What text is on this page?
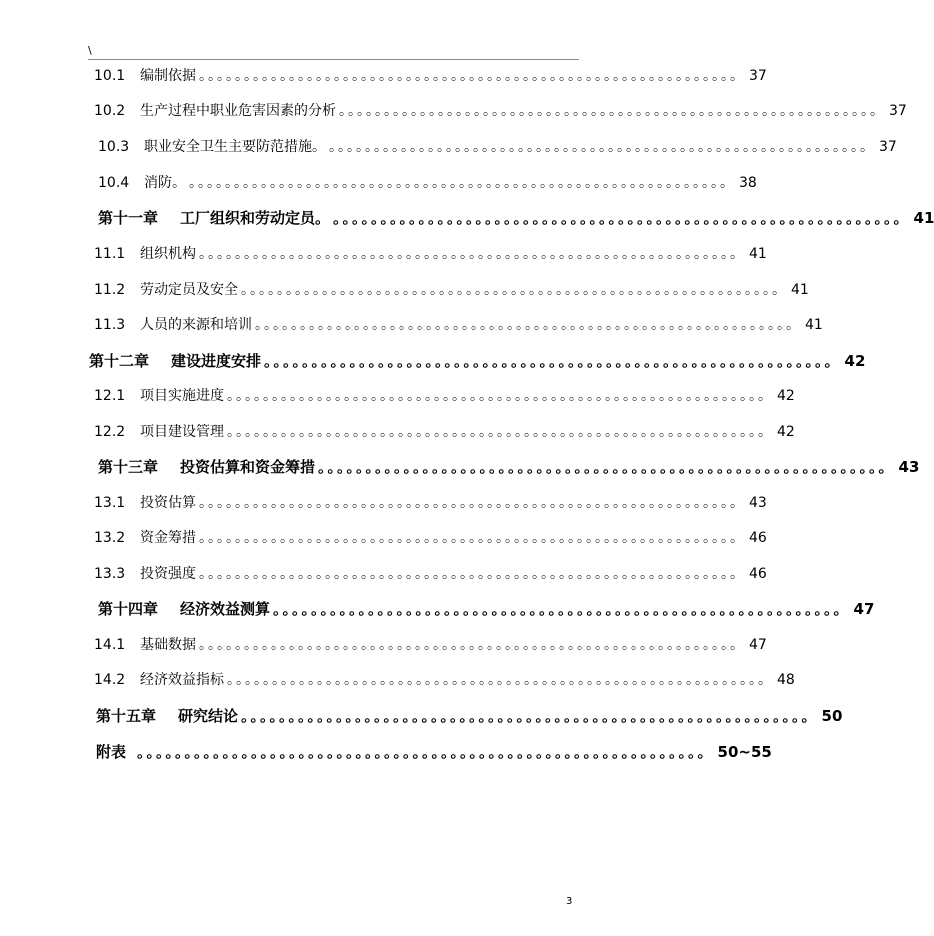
\
10.1	编制依据 。。。。。。。。。。。。。。。。。。。。。。。。。。。。。。。。。。。。。。。。。。。。。。。。。。。。。。。。。。。。 37
10.2	生产过程中职业危害因素的分析 。。。。。。。。。。。。。。。。。。。。。。。。。。。。。。。。。。。。。。。。。。。。。。。。。。。。。。。。。。。。 37
10.3	职业安全卫生主要防范措施。 。。。。。。。。。。。。。。。。。。。。。。。。。。。。。。。。。。。。。。。。。。。。。。。。。。。。。。。。。。。。 37
10.4	消防。 。。。。。。。。。。。。。。。。。。。。。。。。。。。。。。。。。。。。。。。。。。。。。。。。。。。。。。。。。。。。 38
第十一章 工厂组织和劳动定员。 。。。。。。。。。。。。。。。。。。。。。。。。。。。。。。。。。。。。。。。。。。。。。。。。。。。。。。。。。。。。 41
11.1	组织机构 。。。。。。。。。。。。。。。。。。。。。。。。。。。。。。。。。。。。。。。。。。。。。。。。。。。。。。。。。。。。 41
11.2	劳动定员及安全 。。。。。。。。。。。。。。。。。。。。。。。。。。。。。。。。。。。。。。。。。。。。。。。。。。。。。。。。。。。。 41
11.3	人员的来源和培训 。。。。。。。。。。。。。。。。。。。。。。。。。。。。。。。。。。。。。。。。。。。。。。。。。。。。。。。。。。。。 41
第十二章 建设进度安排 。。。。。。。。。。。。。。。。。。。。。。。。。。。。。。。。。。。。。。。。。。。。。。。。。。。。。。。。。。。。 42
12.1	项目实施进度 。。。。。。。。。。。。。。。。。。。。。。。。。。。。。。。。。。。。。。。。。。。。。。。。。。。。。。。。。。。。 42
12.2	项目建设管理 。。。。。。。。。。。。。。。。。。。。。。。。。。。。。。。。。。。。。。。。。。。。。。。。。。。。。。。。。。。。 42
第十三章 投资估算和资金筹措 。。。。。。。。。。。。。。。。。。。。。。。。。。。。。。。。。。。。。。。。。。。。。。。。。。。。。。。。。。。。 43
13.1	投资估算 。。。。。。。。。。。。。。。。。。。。。。。。。。。。。。。。。。。。。。。。。。。。。。。。。。。。。。。。。。。。 43
13.2	资金筹措 。。。。。。。。。。。。。。。。。。。。。。。。。。。。。。。。。。。。。。。。。。。。。。。。。。。。。。。。。。。。 46
13.3	投资强度 。。。。。。。。。。。。。。。。。。。。。。。。。。。。。。。。。。。。。。。。。。。。。。。。。。。。。。。。。。。。 46
第十四章 经济效益测算 。。。。。。。。。。。。。。。。。。。。。。。。。。。。。。。。。。。。。。。。。。。。。。。。。。。。。。。。。。。。 47
14.1	基础数据 。。。。。。。。。。。。。。。。。。。。。。。。。。。。。。。。。。。。。。。。。。。。。。。。。。。。。。。。。。。。 47
14.2	经济效益指标 。。。。。。。。。。。。。。。。。。。。。。。。。。。。。。。。。。。。。。。。。。。。。。。。。。。。。。。。。。。。 48
第十五章 研究结论 。。。。。。。。。。。。。。。。。。。。。。。。。。。。。。。。。。。。。。。。。。。。。。。。。。。。。。。。。。。。 50
附表 。。。。。。。。。。。。。。。。。。。。。。。。。。。。。。。。。。。。。。。。。。。。。。。。。。。。。。。。。。。。 50~55
3
